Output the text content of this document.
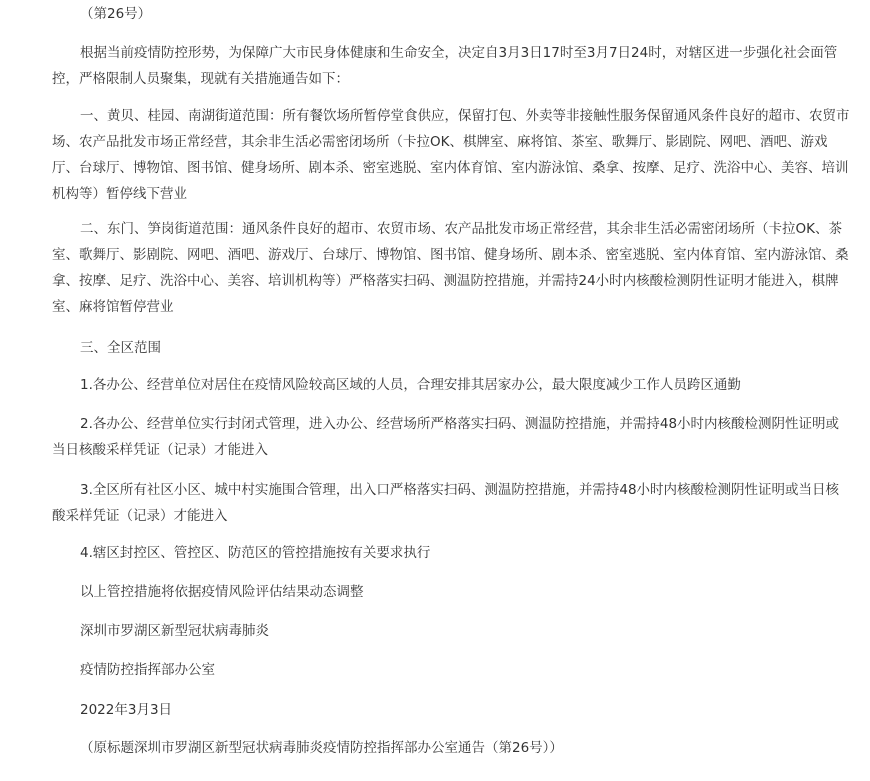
（第26号）

根据当前疫情防控形势，为保障广大市民身体健康和生命安全，决定自3月3日17时至3月7日24时，对辖区进一步强化社会面管控，严格限制人员聚集，现就有关措施通告如下：

一、黄贝、桂园、南湖街道范围：所有餐饮场所暂停堂食供应，保留打包、外卖等非接触性服务保留通风条件良好的超市、农贸市场、农产品批发市场正常经营，其余非生活必需密闭场所（卡拉OK、棋牌室、麻将馆、茶室、歌舞厅、影剧院、网吧、酒吧、游戏厅、台球厅、博物馆、图书馆、健身场所、剧本杀、密室逃脱、室内体育馆、室内游泳馆、桑拿、按摩、足疗、洗浴中心、美容、培训机构等）暂停线下营业

二、东门、笋岗街道范围：通风条件良好的超市、农贸市场、农产品批发市场正常经营，其余非生活必需密闭场所（卡拉OK、茶室、歌舞厅、影剧院、网吧、酒吧、游戏厅、台球厅、博物馆、图书馆、健身场所、剧本杀、密室逃脱、室内体育馆、室内游泳馆、桑拿、按摩、足疗、洗浴中心、美容、培训机构等）严格落实扫码、测温防控措施，并需持24小时内核酸检测阴性证明才能进入，棋牌室、麻将馆暂停营业

三、全区范围

1.各办公、经营单位对居住在疫情风险较高区域的人员，合理安排其居家办公，最大限度减少工作人员跨区通勤

2.各办公、经营单位实行封闭式管理，进入办公、经营场所严格落实扫码、测温防控措施，并需持48小时内核酸检测阴性证明或当日核酸采样凭证（记录）才能进入

3.全区所有社区小区、城中村实施围合管理，出入口严格落实扫码、测温防控措施，并需持48小时内核酸检测阴性证明或当日核酸采样凭证（记录）才能进入

4.辖区封控区、管控区、防范区的管控措施按有关要求执行

以上管控措施将依据疫情风险评估结果动态调整

深圳市罗湖区新型冠状病毒肺炎

疫情防控指挥部办公室

2022年3月3日

（原标题深圳市罗湖区新型冠状病毒肺炎疫情防控指挥部办公室通告（第26号））
